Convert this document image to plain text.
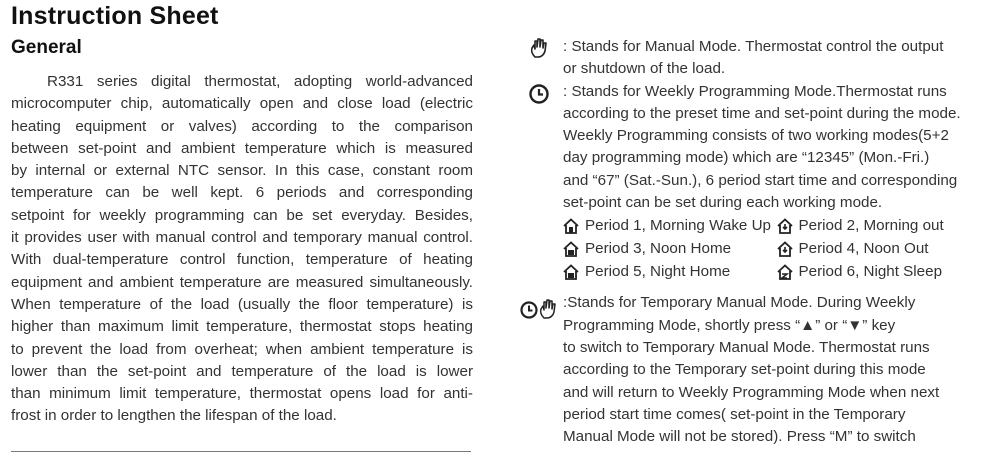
Instruction Sheet
General
R331 series digital thermostat, adopting world-advanced
microcomputer chip, automatically open and close load (electric
heating equipment or valves) according to the comparison
between set-point and ambient temperature which is measured
by internal or external NTC sensor. In this case, constant room
temperature can be well kept. 6 periods and corresponding
setpoint for weekly programming can be set everyday. Besides,
it provides user with manual control and temporary manual control.
With dual-temperature control function, temperature of heating
equipment and ambient temperature are measured simultaneously.
When temperature of the load (usually the floor temperature) is
higher than maximum limit temperature, thermostat stops heating
to prevent the load from overheat; when ambient temperature is
lower than the set-point and temperature of the load is lower
than minimum limit temperature, thermostat opens load for anti-
frost in order to lengthen the lifespan of the load.
: Stands for Manual Mode. Thermostat control the output
or shutdown of the load.
: Stands for Weekly Programming Mode.Thermostat runs
according to the preset time and set-point during the mode.
Weekly Programming consists of two working modes(5+2
day programming mode) which are “12345” (Mon.-Fri.)
and “67” (Sat.-Sun.), 6 period start time and corresponding
set-point can be set during each working mode.
Period 1, Morning Wake Up Period 2, Morning out
Period 3, Noon Home	Period 4, Noon Out
Period 5, Night Home	Period 6, Night Sleep
:Stands for Temporary Manual Mode. During Weekly
Programming Mode, shortly press “▲” or “▼” key
to switch to Temporary Manual Mode. Thermostat runs
according to the Temporary set-point during this mode
and will return to Weekly Programming Mode when next
period start time comes( set-point in the Temporary
Manual Mode will not be stored). Press “M” to switch
